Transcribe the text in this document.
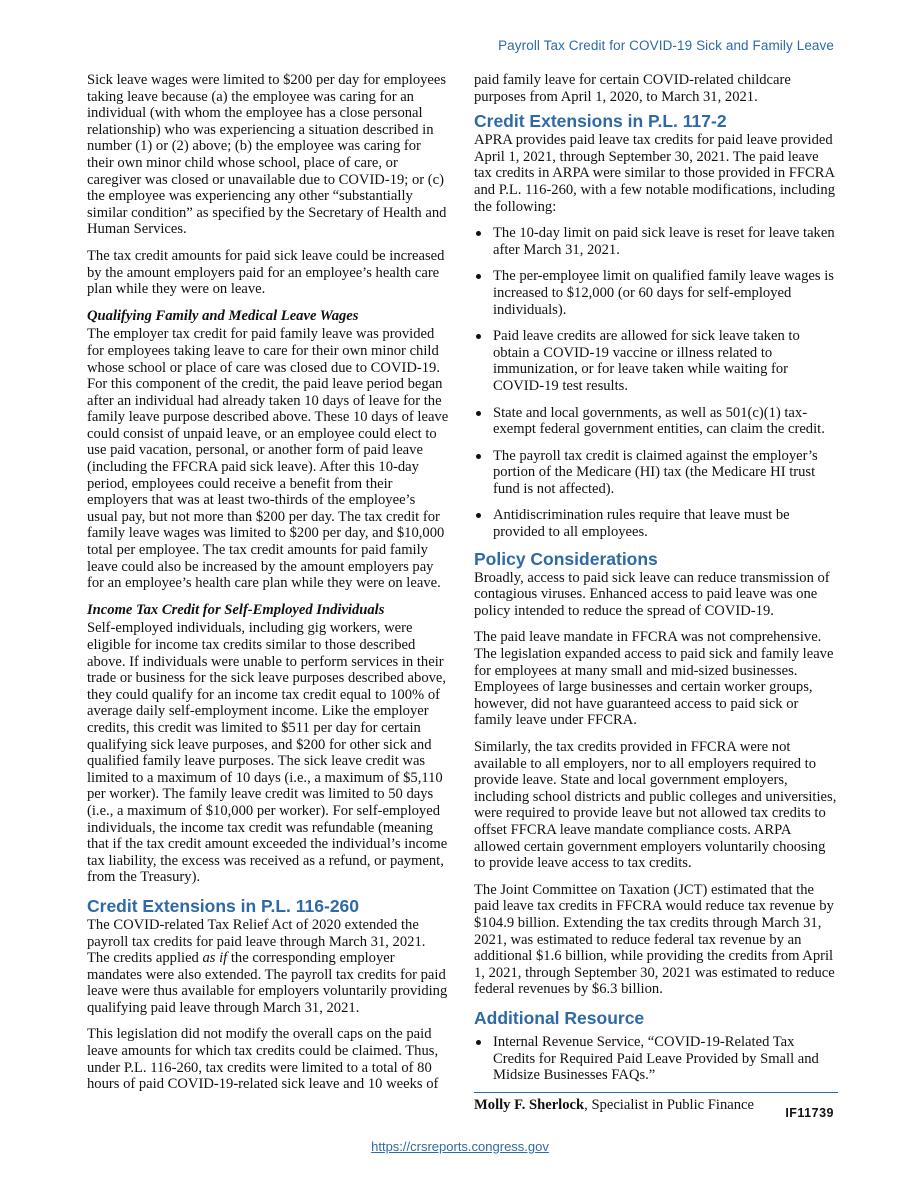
Payroll Tax Credit for COVID-19 Sick and Family Leave

Sick leave wages were limited to $200 per day for employees taking leave because (a) the employee was caring for an individual (with whom the employee has a close personal relationship) who was experiencing a situation described in number (1) or (2) above; (b) the employee was caring for their own minor child whose school, place of care, or caregiver was closed or unavailable due to COVID-19; or (c) the employee was experiencing any other “substantially similar condition” as specified by the Secretary of Health and Human Services.

The tax credit amounts for paid sick leave could be increased by the amount employers paid for an employee’s health care plan while they were on leave.

Qualifying Family and Medical Leave Wages

The employer tax credit for paid family leave was provided for employees taking leave to care for their own minor child whose school or place of care was closed due to COVID-19. For this component of the credit, the paid leave period began after an individual had already taken 10 days of leave for the family leave purpose described above. These 10 days of leave could consist of unpaid leave, or an employee could elect to use paid vacation, personal, or another form of paid leave (including the FFCRA paid sick leave). After this 10-day period, employees could receive a benefit from their employers that was at least two-thirds of the employee’s usual pay, but not more than $200 per day. The tax credit for family leave wages was limited to $200 per day, and $10,000 total per employee. The tax credit amounts for paid family leave could also be increased by the amount employers pay for an employee’s health care plan while they were on leave.

Income Tax Credit for Self-Employed Individuals

Self-employed individuals, including gig workers, were eligible for income tax credits similar to those described above. If individuals were unable to perform services in their trade or business for the sick leave purposes described above, they could qualify for an income tax credit equal to 100% of average daily self-employment income. Like the employer credits, this credit was limited to $511 per day for certain qualifying sick leave purposes, and $200 for other sick and qualified family leave purposes. The sick leave credit was limited to a maximum of 10 days (i.e., a maximum of $5,110 per worker). The family leave credit was limited to 50 days (i.e., a maximum of $10,000 per worker). For self-employed individuals, the income tax credit was refundable (meaning that if the tax credit amount exceeded the individual’s income tax liability, the excess was received as a refund, or payment, from the Treasury).

Credit Extensions in P.L. 116-260

The COVID-related Tax Relief Act of 2020 extended the payroll tax credits for paid leave through March 31, 2021. The credits applied as if the corresponding employer mandates were also extended. The payroll tax credits for paid leave were thus available for employers voluntarily providing qualifying paid leave through March 31, 2021.

This legislation did not modify the overall caps on the paid leave amounts for which tax credits could be claimed. Thus, under P.L. 116-260, tax credits were limited to a total of 80 hours of paid COVID-19-related sick leave and 10 weeks of

paid family leave for certain COVID-related childcare purposes from April 1, 2020, to March 31, 2021.

Credit Extensions in P.L. 117-2

APRA provides paid leave tax credits for paid leave provided April 1, 2021, through September 30, 2021. The paid leave tax credits in ARPA were similar to those provided in FFCRA and P.L. 116-260, with a few notable modifications, including the following:

The 10-day limit on paid sick leave is reset for leave taken after March 31, 2021.
The per-employee limit on qualified family leave wages is increased to $12,000 (or 60 days for self-employed individuals).
Paid leave credits are allowed for sick leave taken to obtain a COVID-19 vaccine or illness related to immunization, or for leave taken while waiting for COVID-19 test results.
State and local governments, as well as 501(c)(1) tax-exempt federal government entities, can claim the credit.
The payroll tax credit is claimed against the employer’s portion of the Medicare (HI) tax (the Medicare HI trust fund is not affected).
Antidiscrimination rules require that leave must be provided to all employees.
Policy Considerations

Broadly, access to paid sick leave can reduce transmission of contagious viruses. Enhanced access to paid leave was one policy intended to reduce the spread of COVID-19.

The paid leave mandate in FFCRA was not comprehensive. The legislation expanded access to paid sick and family leave for employees at many small and mid-sized businesses. Employees of large businesses and certain worker groups, however, did not have guaranteed access to paid sick or family leave under FFCRA.

Similarly, the tax credits provided in FFCRA were not available to all employers, nor to all employers required to provide leave. State and local government employers, including school districts and public colleges and universities, were required to provide leave but not allowed tax credits to offset FFCRA leave mandate compliance costs. ARPA allowed certain government employers voluntarily choosing to provide leave access to tax credits.

The Joint Committee on Taxation (JCT) estimated that the paid leave tax credits in FFCRA would reduce tax revenue by $104.9 billion. Extending the tax credits through March 31, 2021, was estimated to reduce federal tax revenue by an additional $1.6 billion, while providing the credits from April 1, 2021, through September 30, 2021 was estimated to reduce federal revenues by $6.3 billion.

Additional Resource
Internal Revenue Service, “COVID-19-Related Tax Credits for Required Paid Leave Provided by Small and Midsize Businesses FAQs.”
Molly F. Sherlock, Specialist in Public Finance
IF11739
https://crsreports.congress.gov
